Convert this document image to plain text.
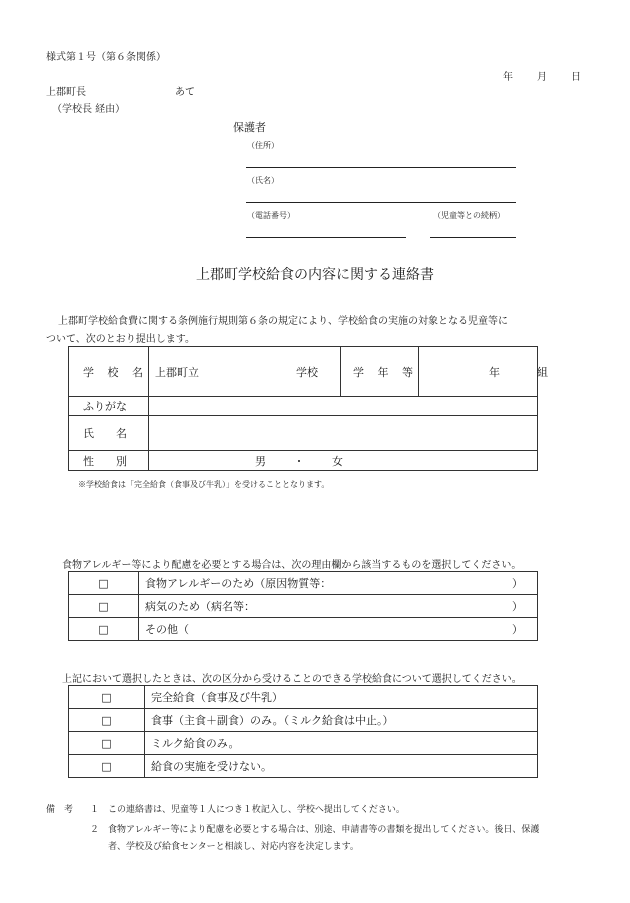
様式第１号（第６条関係）
年 月 日
上郡町長	あて
（学校長 経由）
保護者
（住所）
（氏名）
（電話番号）	（児童等との続柄）
上郡町学校給食の内容に関する連絡書
上郡町学校給食費に関する条例施行規則第６条の規定により、学校給食の実施の対象となる児童等に
ついて、次のとおり提出します。
学 校 名	上郡町立 学校	学 年 等	年 組

ふりがな			
氏　　名			
性　　別	男 ・ 女		
※学校給食は「完全給食（食事及び牛乳）」を受けることとなります。
食物アレルギー等により配慮を必要とする場合は、次の理由欄から該当するものを選択してください。
□	食物アレルギーのため（原因物質等： ）

□	病気のため（病名等： ）

□	その他（ ）
上記において選択したときは、次の区分から受けることのできる学校給食について選択してください。
□	完全給食（食事及び牛乳）
□	食事（主食＋副食）のみ。（ミルク給食は中止。）
□	ミルク給食のみ。
□	給食の実施を受けない。
備　考 １ この連絡書は、児童等１人につき１枚記入し、学校へ提出してください。
２ 食物アレルギー等により配慮を必要とする場合は、別途、申請書等の書類を提出してください。後日、保護
者、学校及び給食センターと相談し、対応内容を決定します。
